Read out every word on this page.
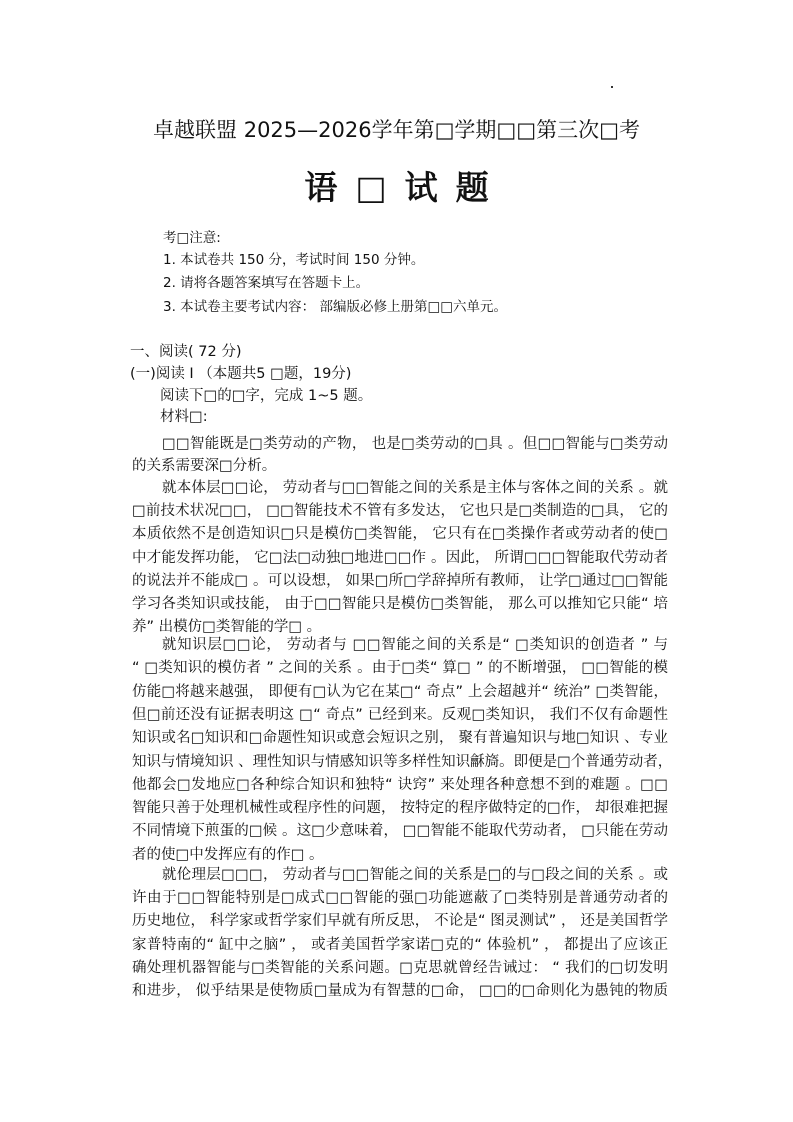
卓越联盟 2025—2026学年第□学期□□第三次□考
语□试题
考□注意:
1. 本试卷共 150 分，考试时间 150 分钟。
2. 请将各题答案填写在答题卡上。
3. 本试卷主要考试内容： 部编版必修上册第□□六单元。
一、阅读( 72 分)
(一)阅读 Ⅰ （本题共5 □题，19分)
阅读下□的□字，完成 1~5 题。
材料□:
□□智能既是□类劳动的产物， 也是□类劳动的□具 。但□□智能与□类劳动
的关系需要深□分析。
就本体层□□论， 劳动者与□□智能之间的关系是主体与客体之间的关系 。就
□前技术状况□□， □□智能技术不管有多发达， 它也只是□类制造的□具， 它的
本质依然不是创造知识□只是模仿□类智能， 它只有在□类操作者或劳动者的使□
中才能发挥功能， 它□法□动独□地进□□作 。因此， 所谓□□□智能取代劳动者
的说法并不能成□ 。可以设想， 如果□所□学辞掉所有教师， 让学□通过□□智能
学习各类知识或技能， 由于□□智能只是模仿□类智能， 那么可以推知它只能“ 培
养” 出模仿□类智能的学□ 。
就知识层□□论， 劳动者与 □□智能之间的关系是“ □类知识的创造者 ” 与
“ □类知识的模仿者 ” 之间的关系 。由于□类“ 算□ ” 的不断增强， □□智能的模
仿能□将越来越强， 即便有□认为它在某□“ 奇点” 上会超越并“ 统治” □类智能，
但□前还没有证据表明这 □“ 奇点” 已经到来。反观□类知识， 我们不仅有命题性
知识或名□知识和□命题性知识或意会短识之别， 聚有普遍知识与地□知识 、专业
知识与情境知识 、理性知识与情感知识等多样性知识龢旖。即便是□个普通劳动者，
他都会□发地应□各种综合知识和独特“ 诀窍” 来处理各种意想不到的难题 。□□
智能只善于处理机械性或程序性的问题， 按特定的程序做特定的□作， 却很难把握
不同情境下煎蛋的□候 。这□少意味着， □□智能不能取代劳动者， □只能在劳动
者的使□中发挥应有的作□ 。
就伦理层□□□， 劳动者与□□智能之间的关系是□的与□段之间的关系 。或
许由于□□智能特别是□成式□□智能的强□功能遮蔽了□类特别是普通劳动者的
历史地位， 科学家或哲学家们早就有所反思， 不论是“ 图灵测试” ， 还是美国哲学
家普特南的“ 缸中之脑” ， 或者美国哲学家诺□克的“ 体验机” ， 都提出了应该正
确处理机器智能与□类智能的关系问题。□克思就曾经告诫过： “ 我们的□切发明
和进步， 似乎结果是使物质□量成为有智慧的□命， □□的□命则化为愚钝的物质
